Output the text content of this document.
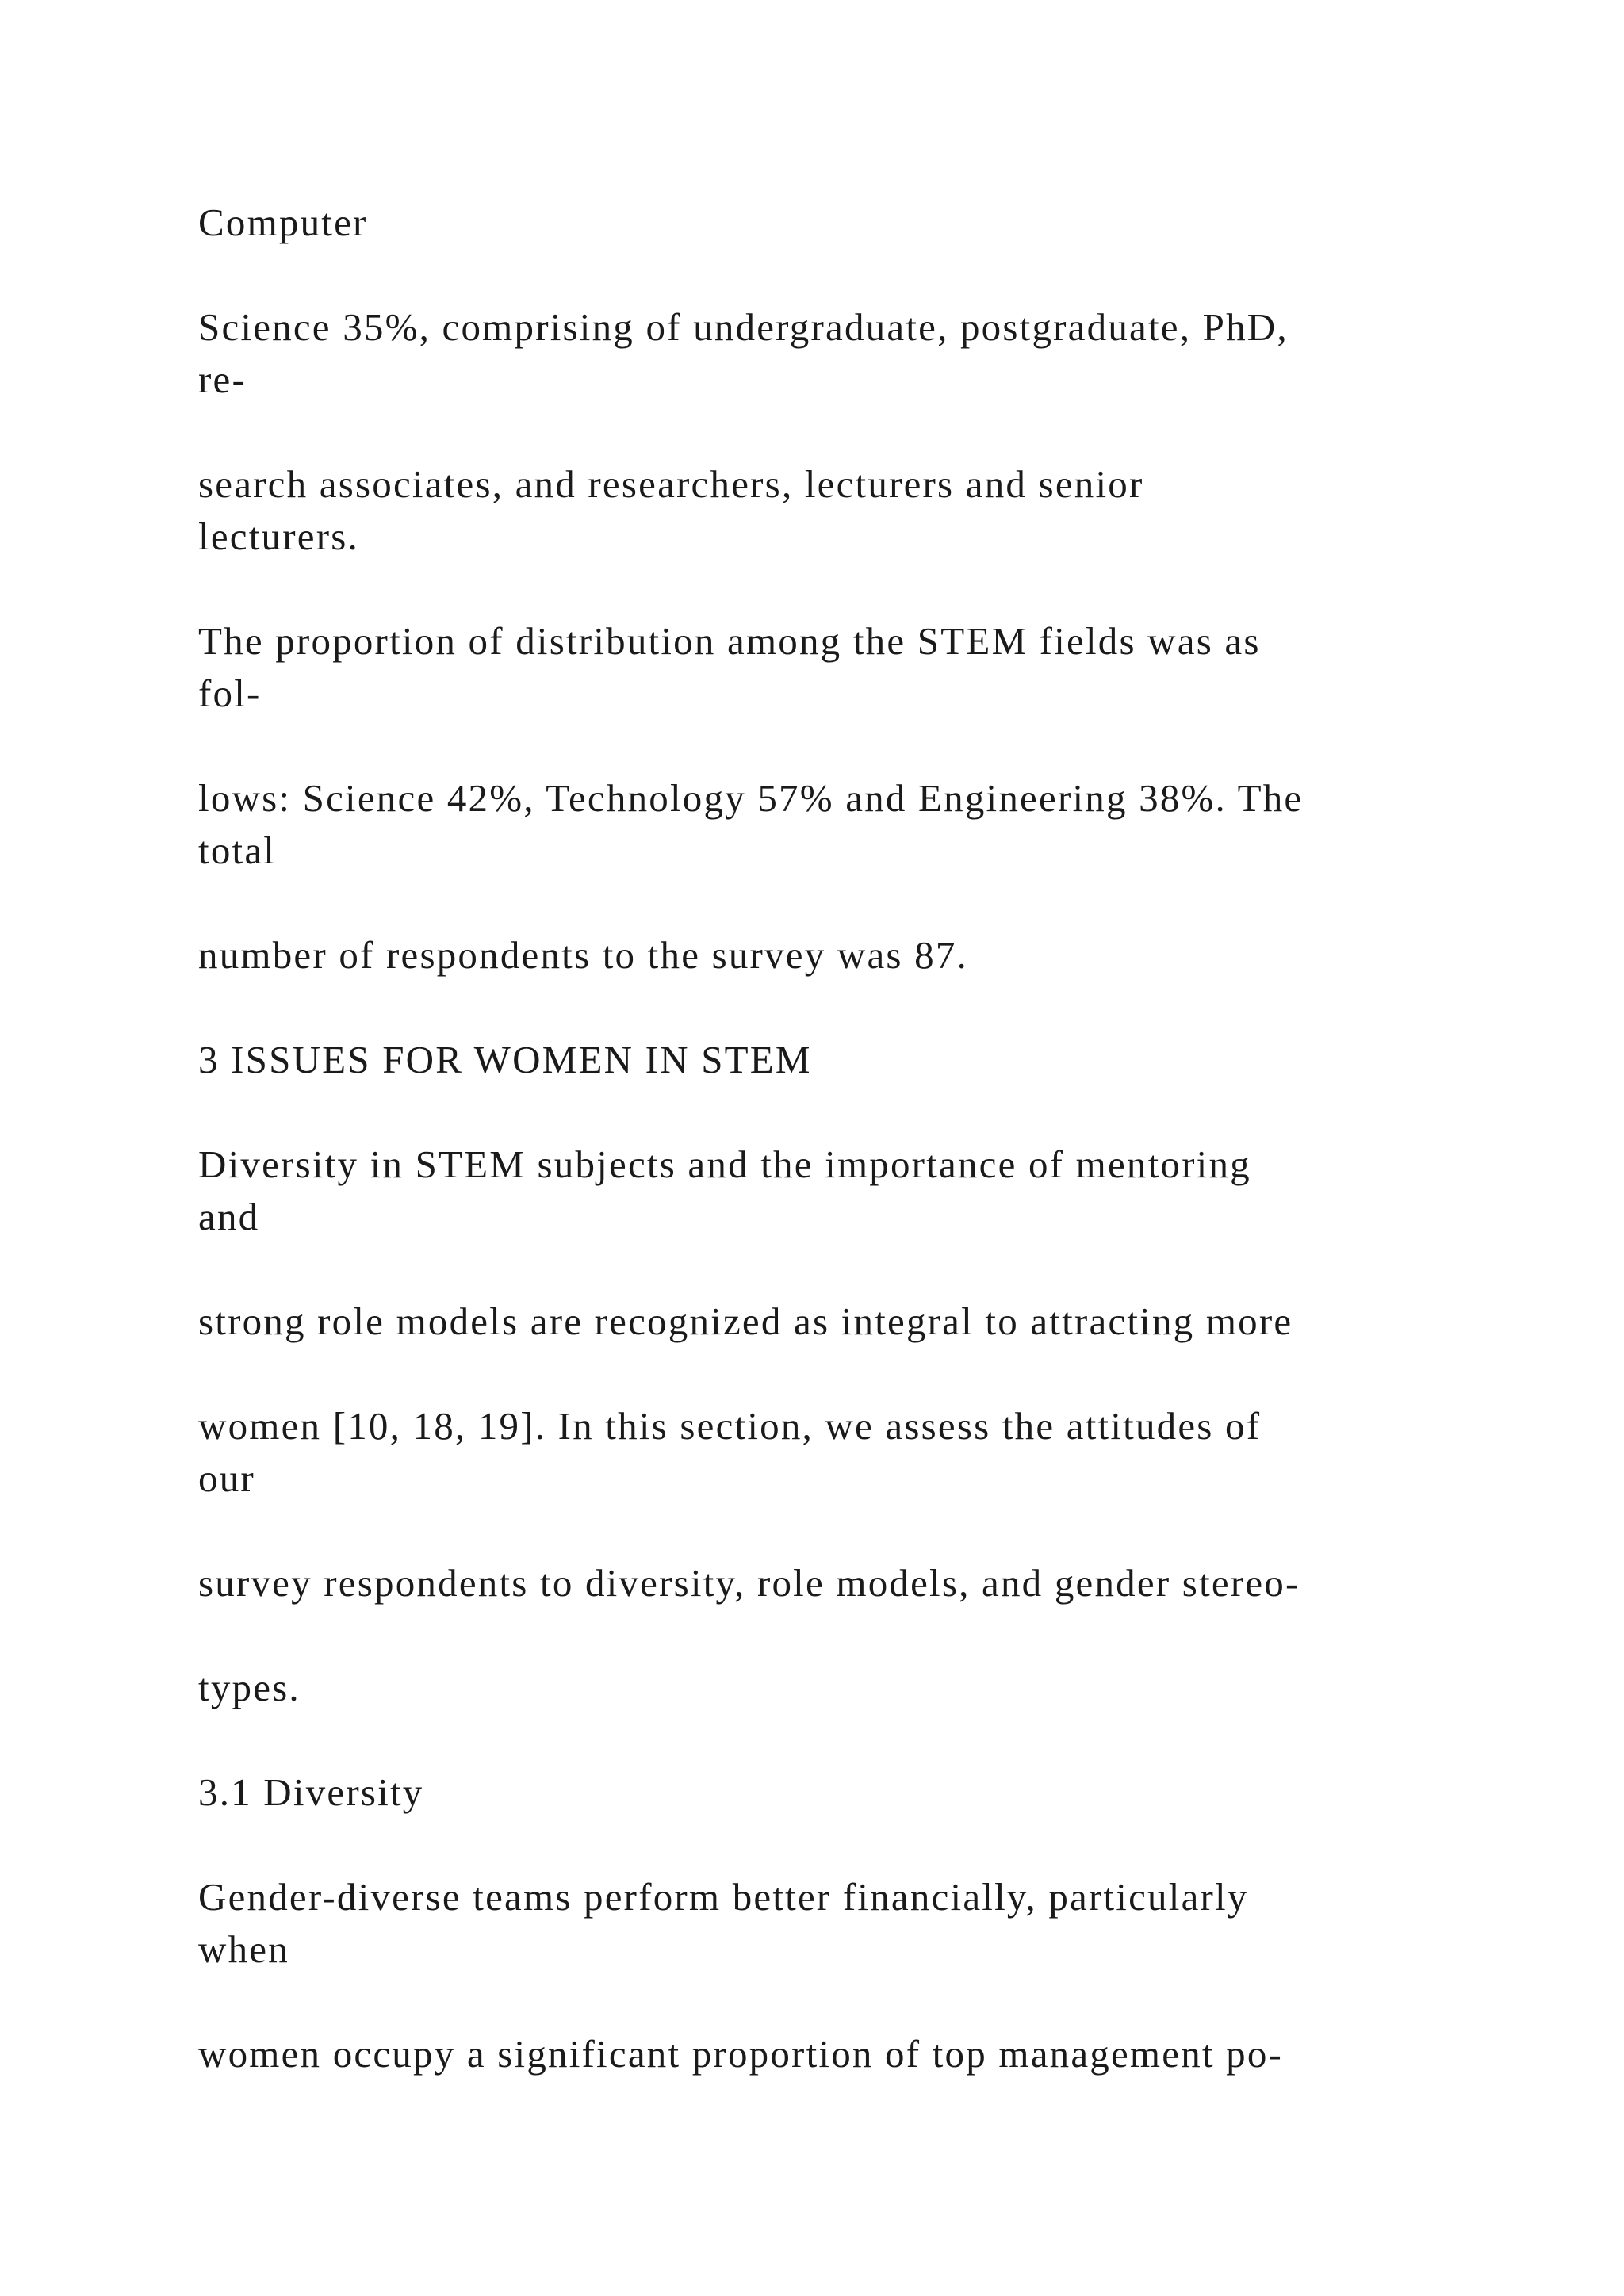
Computer

Science 35%, comprising of undergraduate, postgraduate, PhD,

re-

search associates, and researchers, lecturers and senior

lecturers.

The proportion of distribution among the STEM fields was as

fol-

lows: Science 42%, Technology 57% and Engineering 38%. The

total

number of respondents to the survey was 87.

3 ISSUES FOR WOMEN IN STEM

Diversity in STEM subjects and the importance of mentoring

and

strong role models are recognized as integral to attracting more

women [10, 18, 19]. In this section, we assess the attitudes of

our

survey respondents to diversity, role models, and gender stereo-

types.

3.1 Diversity

Gender-diverse teams perform better financially, particularly

when

women occupy a significant proportion of top management po-
